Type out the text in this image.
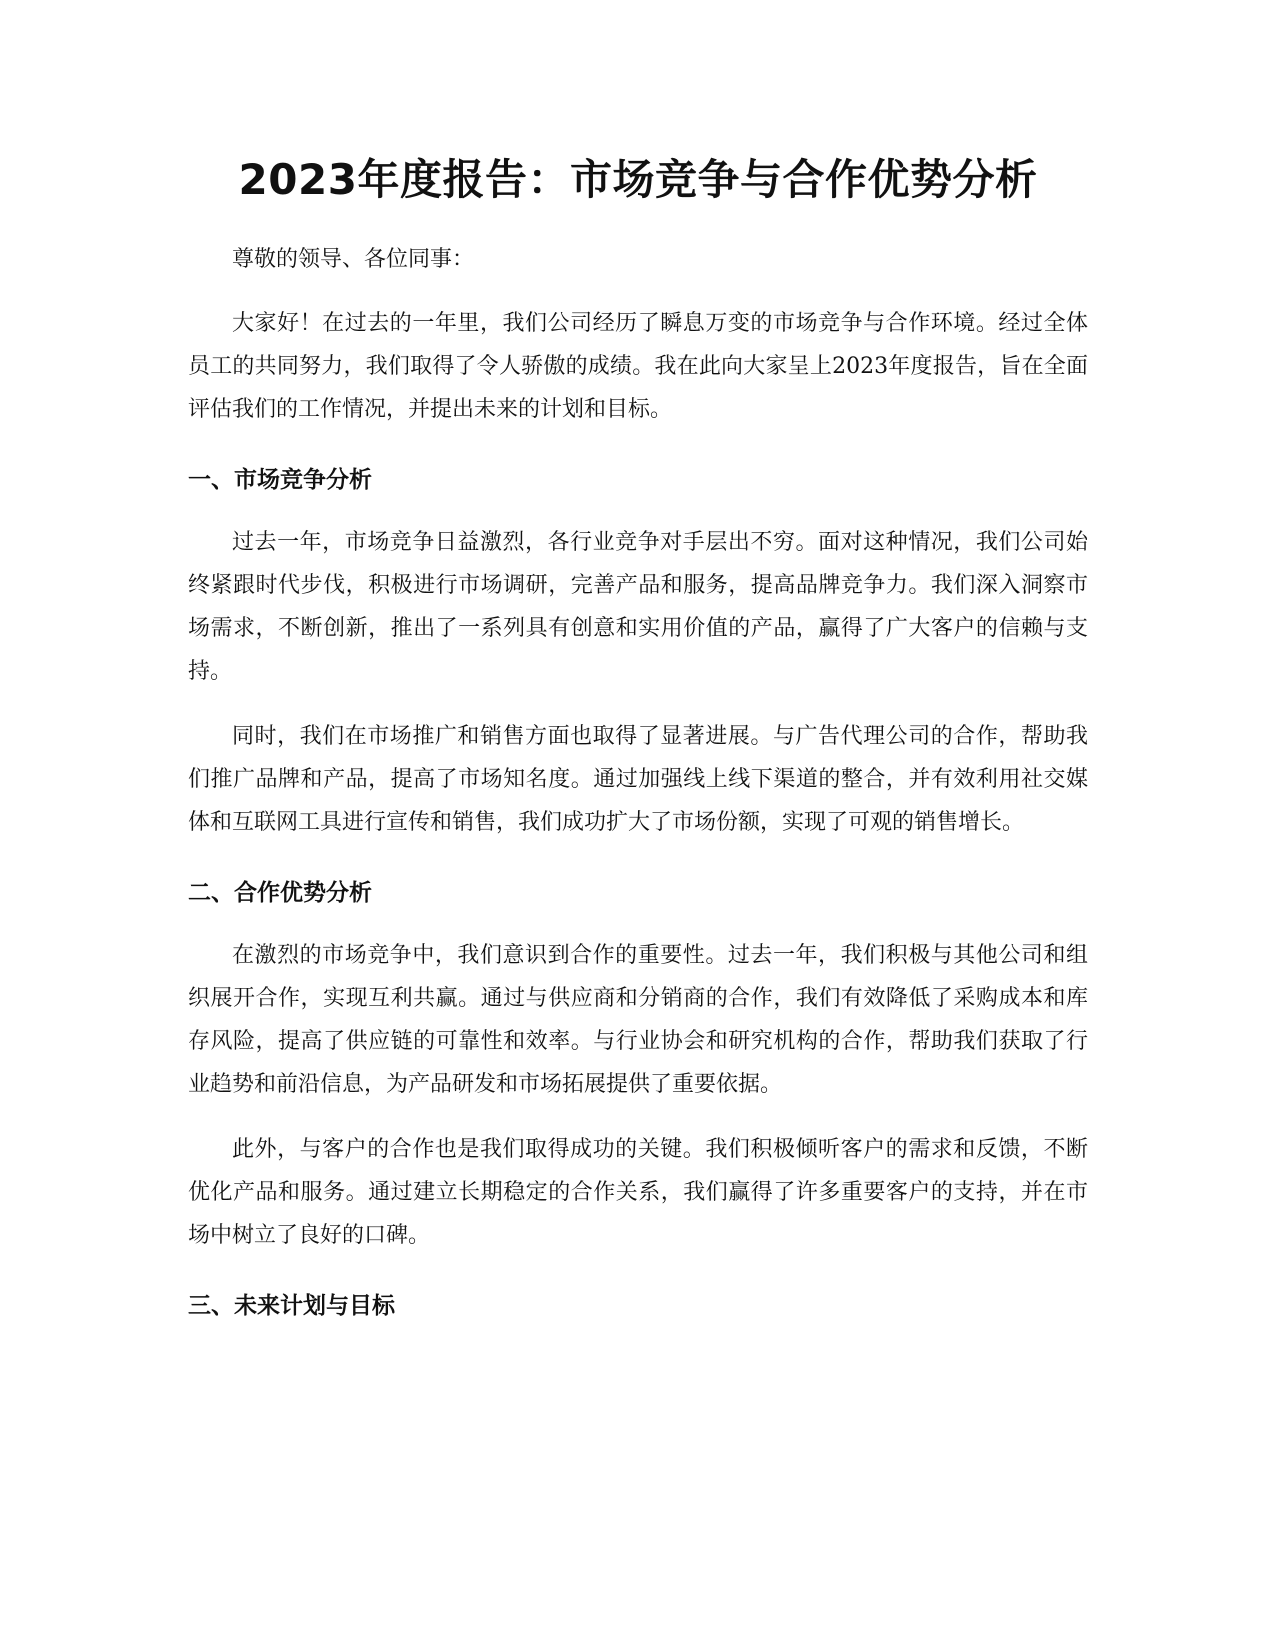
2023年度报告：市场竞争与合作优势分析

尊敬的领导、各位同事：

大家好！在过去的一年里，我们公司经历了瞬息万变的市场竞争与合作环境。经过全体员工的共同努力，我们取得了令人骄傲的成绩。我在此向大家呈上2023年度报告，旨在全面评估我们的工作情况，并提出未来的计划和目标。

一、市场竞争分析

过去一年，市场竞争日益激烈，各行业竞争对手层出不穷。面对这种情况，我们公司始终紧跟时代步伐，积极进行市场调研，完善产品和服务，提高品牌竞争力。我们深入洞察市场需求，不断创新，推出了一系列具有创意和实用价值的产品，赢得了广大客户的信赖与支持。

同时，我们在市场推广和销售方面也取得了显著进展。与广告代理公司的合作，帮助我们推广品牌和产品，提高了市场知名度。通过加强线上线下渠道的整合，并有效利用社交媒体和互联网工具进行宣传和销售，我们成功扩大了市场份额，实现了可观的销售增长。

二、合作优势分析

在激烈的市场竞争中，我们意识到合作的重要性。过去一年，我们积极与其他公司和组织展开合作，实现互利共赢。通过与供应商和分销商的合作，我们有效降低了采购成本和库存风险，提高了供应链的可靠性和效率。与行业协会和研究机构的合作，帮助我们获取了行业趋势和前沿信息，为产品研发和市场拓展提供了重要依据。

此外，与客户的合作也是我们取得成功的关键。我们积极倾听客户的需求和反馈，不断优化产品和服务。通过建立长期稳定的合作关系，我们赢得了许多重要客户的支持，并在市场中树立了良好的口碑。

三、未来计划与目标
